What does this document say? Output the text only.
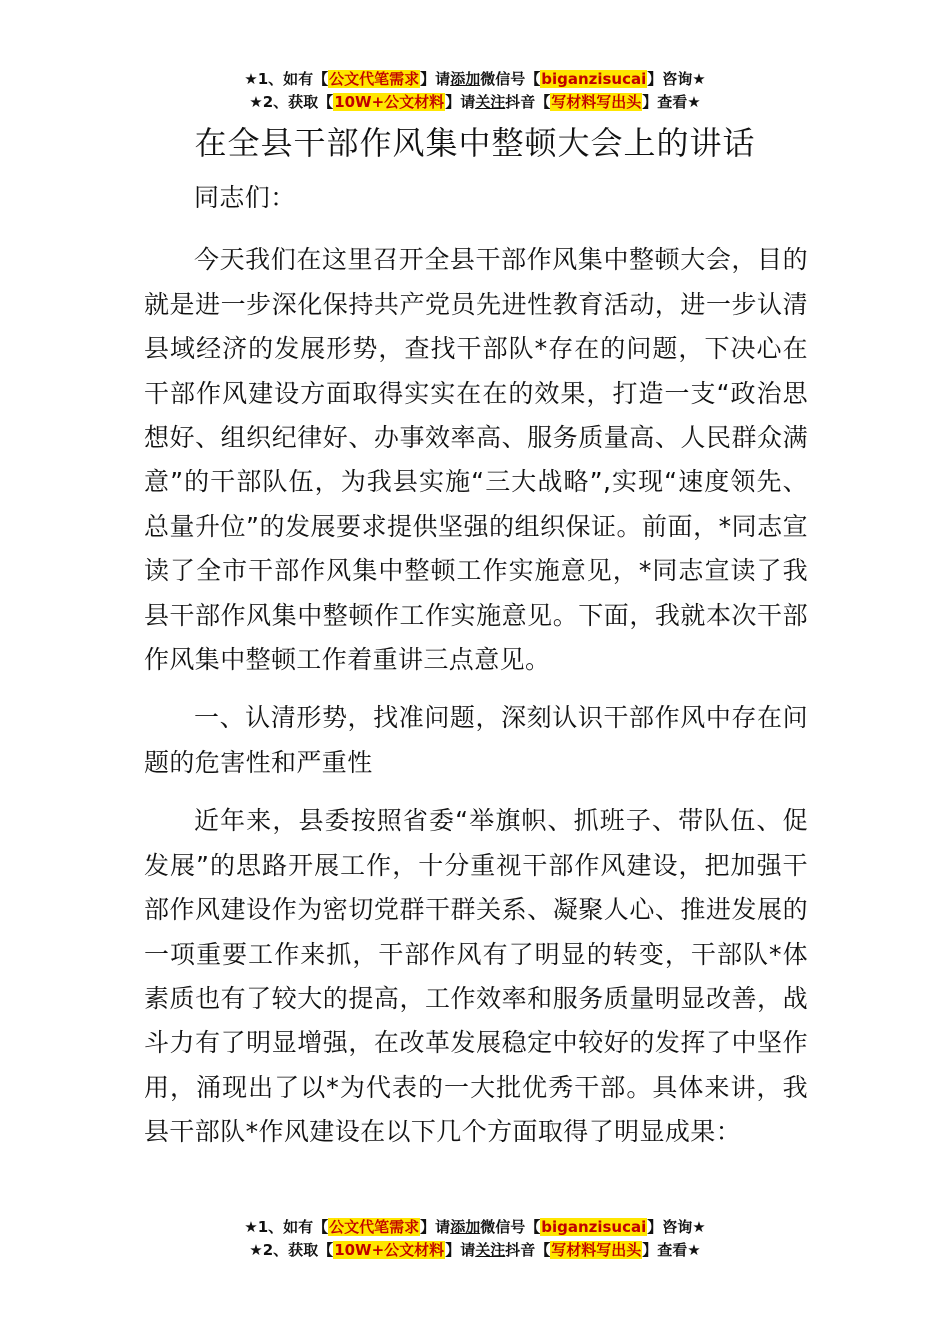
★1、如有【公文代笔需求】请添加微信号【biganzisucai】咨询★
★2、获取【10W+公文材料】请关注抖音【写材料写出头】查看★
在全县干部作风集中整顿大会上的讲话

同志们：

今天我们在这里召开全县干部作风集中整顿大会，目的就是进一步深化保持共产党员先进性教育活动，进一步认清县域经济的发展形势，查找干部队*存在的问题，下决心在干部作风建设方面取得实实在在的效果，打造一支“政治思想好、组织纪律好、办事效率高、服务质量高、人民群众满意”的干部队伍，为我县实施“三大战略”,实现“速度领先、总量升位”的发展要求提供坚强的组织保证。前面，*同志宣读了全市干部作风集中整顿工作实施意见，*同志宣读了我县干部作风集中整顿作工作实施意见。下面，我就本次干部作风集中整顿工作着重讲三点意见。

一、认清形势，找准问题，深刻认识干部作风中存在问题的危害性和严重性

近年来，县委按照省委“举旗帜、抓班子、带队伍、促发展”的思路开展工作，十分重视干部作风建设，把加强干部作风建设作为密切党群干群关系、凝聚人心、推进发展的一项重要工作来抓，干部作风有了明显的转变，干部队*体素质也有了较大的提高，工作效率和服务质量明显改善，战斗力有了明显增强，在改革发展稳定中较好的发挥了中坚作用，涌现出了以*为代表的一大批优秀干部。具体来讲，我县干部队*作风建设在以下几个方面取得了明显成果：

★1、如有【公文代笔需求】请添加微信号【biganzisucai】咨询★
★2、获取【10W+公文材料】请关注抖音【写材料写出头】查看★
